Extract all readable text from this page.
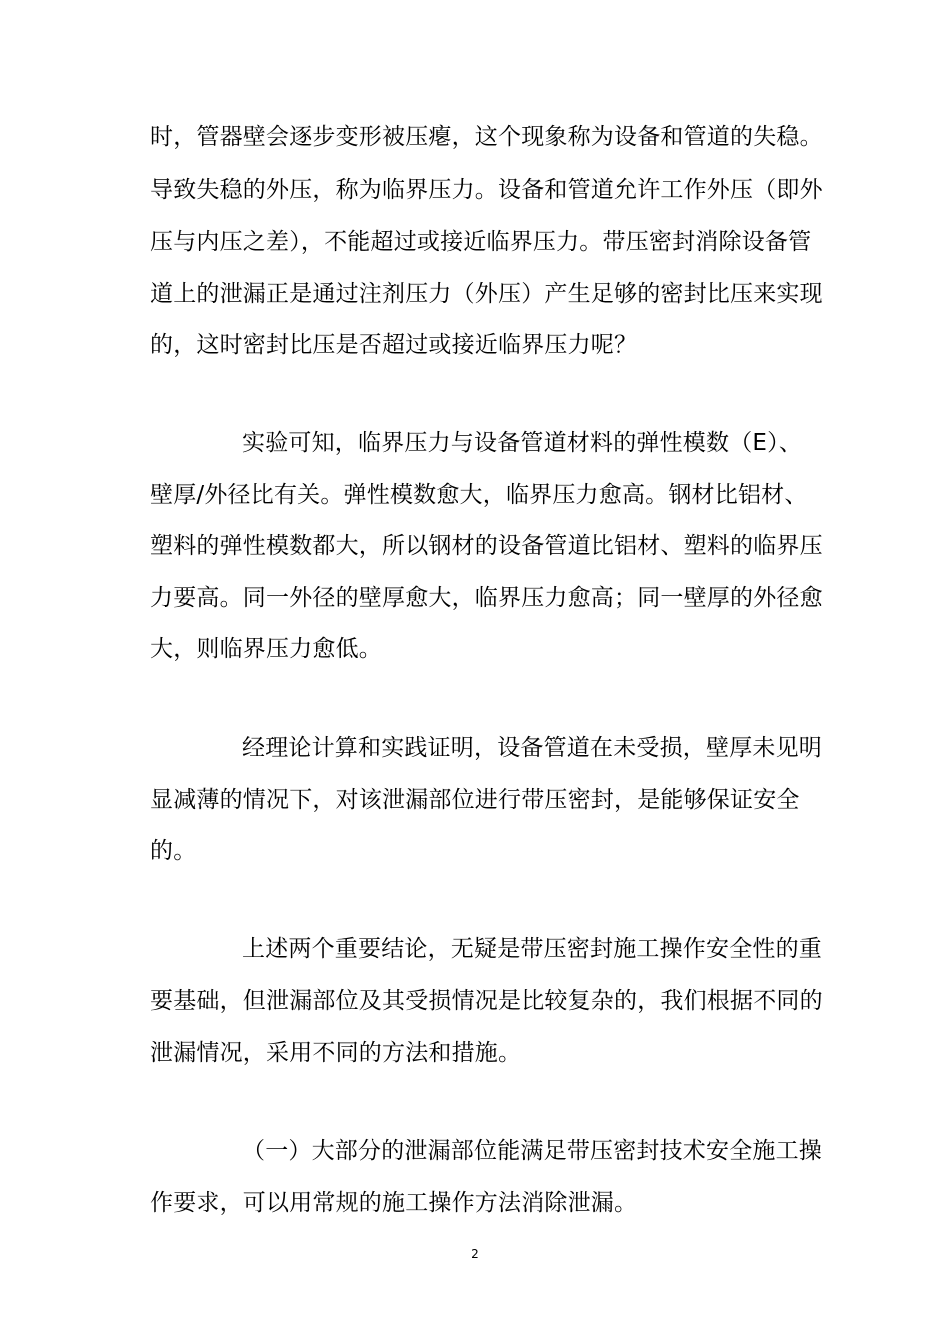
时，管器壁会逐步变形被压瘪，这个现象称为设备和管道的失稳。
导致失稳的外压，称为临界压力。设备和管道允许工作外压（即外
压与内压之差），不能超过或接近临界压力。带压密封消除设备管
道上的泄漏正是通过注剂压力（外压）产生足够的密封比压来实现
的，这时密封比压是否超过或接近临界压力呢？
实验可知，临界压力与设备管道材料的弹性模数（E）、
壁厚/外径比有关。弹性模数愈大，临界压力愈高。钢材比铝材、
塑料的弹性模数都大，所以钢材的设备管道比铝材、塑料的临界压
力要高。同一外径的壁厚愈大，临界压力愈高；同一壁厚的外径愈
大，则临界压力愈低。
经理论计算和实践证明，设备管道在未受损，壁厚未见明
显减薄的情况下，对该泄漏部位进行带压密封，是能够保证安全
的。
上述两个重要结论，无疑是带压密封施工操作安全性的重
要基础，但泄漏部位及其受损情况是比较复杂的，我们根据不同的
泄漏情况，采用不同的方法和措施。
（一）大部分的泄漏部位能满足带压密封技术安全施工操
作要求，可以用常规的施工操作方法消除泄漏。
2
